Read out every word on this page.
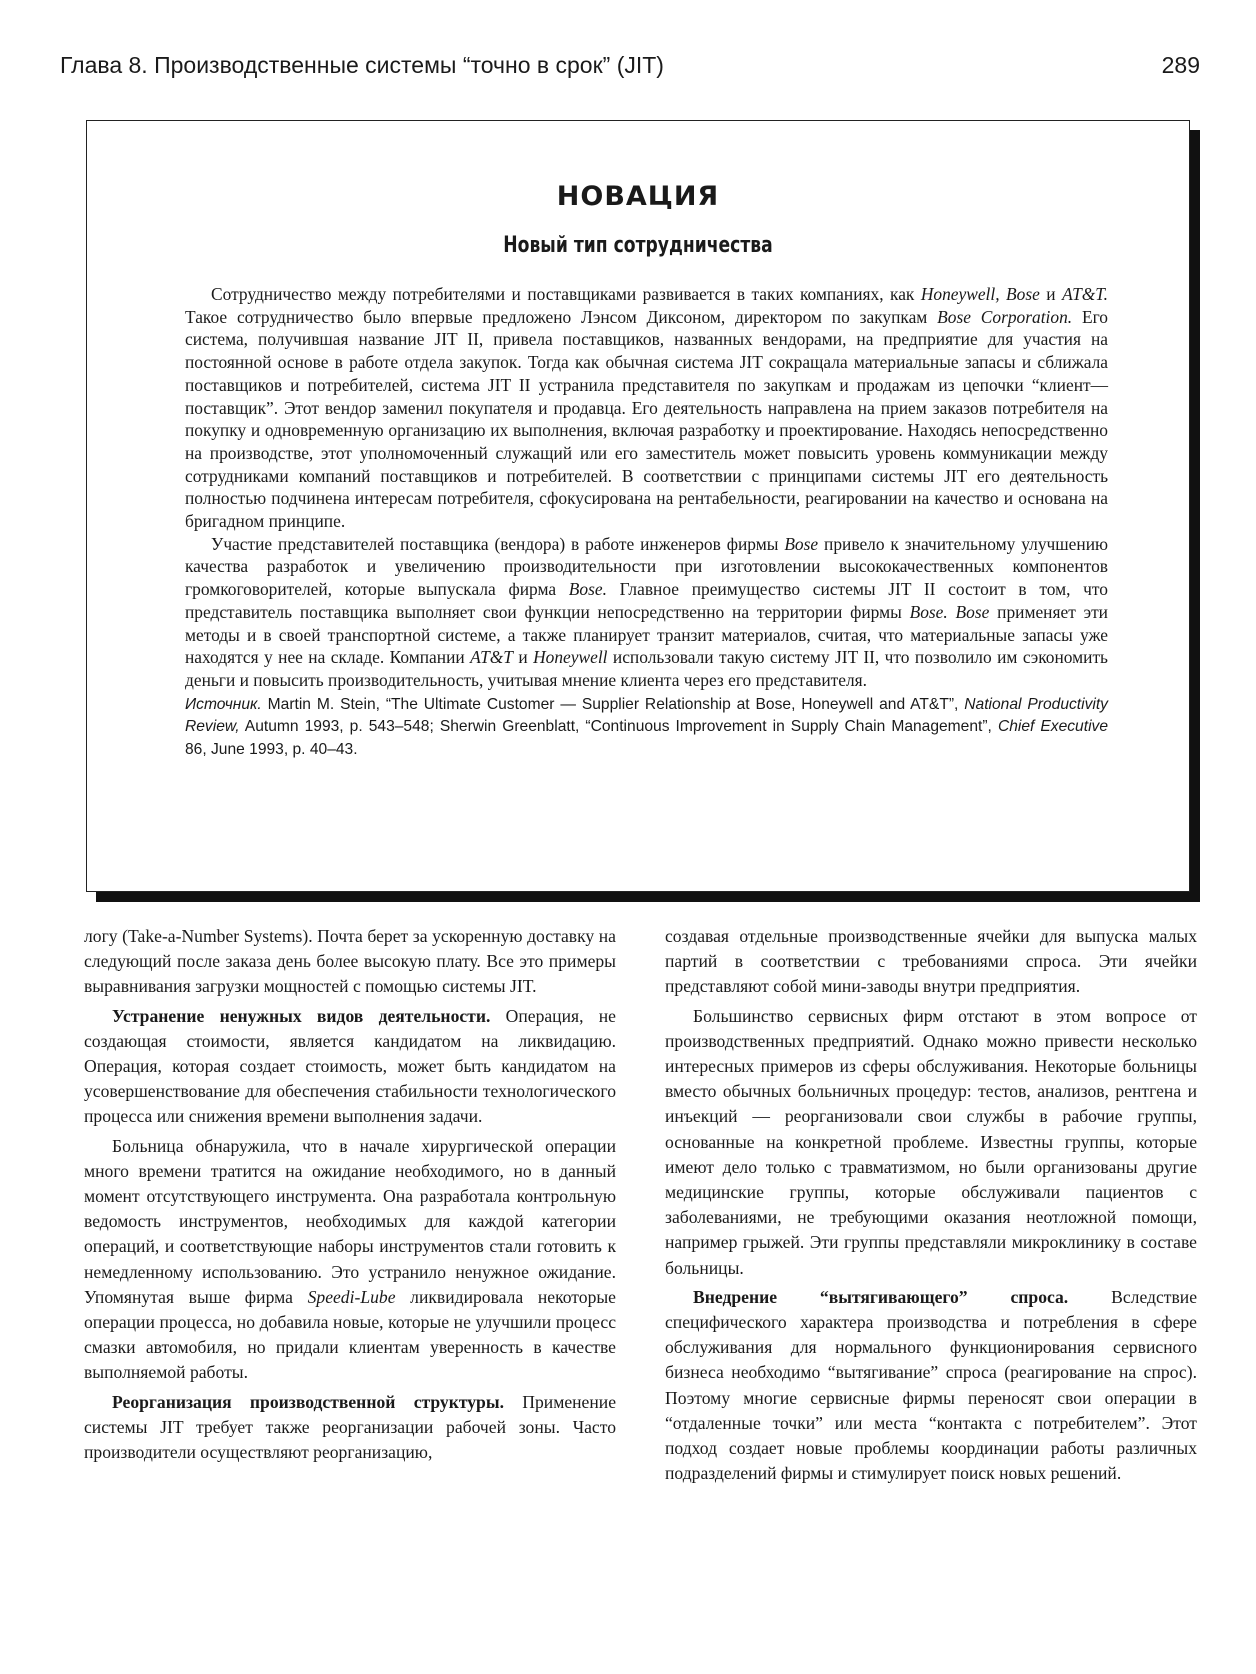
Глава 8. Производственные системы “точно в срок” (JIT)	289
НОВАЦИЯ
Новый тип сотрудничества

Сотрудничество между потребителями и поставщиками развивается в таких компаниях, как Honeywell, Bose и AT&T. Такое сотрудничество было впервые предложено Лэнсом Диксоном, директором по закупкам Bose Corporation. Его система, получившая название JIT II, привела поставщиков, названных вендорами, на предприятие для участия на постоянной основе в работе отдела закупок. Тогда как обычная система JIT сокращала материальные запасы и сближала поставщиков и потребителей, система JIT II устранила представителя по закупкам и продажам из цепочки “клиент—поставщик”. Этот вендор заменил покупателя и продавца. Его деятельность направлена на прием заказов потребителя на покупку и одновременную организацию их выполнения, включая разработку и проектирование. Находясь непосредственно на производстве, этот уполномоченный служащий или его заместитель может повысить уровень коммуникации между сотрудниками компаний поставщиков и потребителей. В соответствии с принципами системы JIT его деятельность полностью подчинена интересам потребителя, сфокусирована на рентабельности, реагировании на качество и основана на бригадном принципе.

Участие представителей поставщика (вендора) в работе инженеров фирмы Bose привело к значительному улучшению качества разработок и увеличению производительности при изготовлении высококачественных компонентов громкоговорителей, которые выпускала фирма Bose. Главное преимущество системы JIT II состоит в том, что представитель поставщика выполняет свои функции непосредственно на территории фирмы Bose. Bose применяет эти методы и в своей транспортной системе, а также планирует транзит материалов, считая, что материальные запасы уже находятся у нее на складе. Компании AT&T и Honeywell использовали такую систему JIT II, что позволило им сэкономить деньги и повысить производительность, учитывая мнение клиента через его представителя.

Источник. Martin M. Stein, “The Ultimate Customer — Supplier Relationship at Bose, Honeywell and AT&T”, National Productivity Review, Autumn 1993, p. 543–548; Sherwin Greenblatt, “Continuous Improvement in Supply Chain Management”, Chief Executive 86, June 1993, p. 40–43.

логу (Take-a-Number Systems). Почта берет за ускоренную доставку на следующий после заказа день более высокую плату. Все это примеры выравнивания загрузки мощностей с помощью системы JIT.

Устранение ненужных видов деятельности. Операция, не создающая стоимости, является кандидатом на ликвидацию. Операция, которая создает стоимость, может быть кандидатом на усовершенствование для обеспечения стабильности технологического процесса или снижения времени выполнения задачи.

Больница обнаружила, что в начале хирургической операции много времени тратится на ожидание необходимого, но в данный момент отсутствующего инструмента. Она разработала контрольную ведомость инструментов, необходимых для каждой категории операций, и соответствующие наборы инструментов стали готовить к немедленному использованию. Это устранило ненужное ожидание. Упомянутая выше фирма Speedi-Lube ликвидировала некоторые операции процесса, но добавила новые, которые не улучшили процесс смазки автомобиля, но придали клиентам уверенность в качестве выполняемой работы.

Реорганизация производственной структуры. Применение системы JIT требует также реорганизации рабочей зоны. Часто производители осуществляют реорганизацию,

создавая отдельные производственные ячейки для выпуска малых партий в соответствии с требованиями спроса. Эти ячейки представляют собой мини-заводы внутри предприятия.

Большинство сервисных фирм отстают в этом вопросе от производственных предприятий. Однако можно привести несколько интересных примеров из сферы обслуживания. Некоторые больницы вместо обычных больничных процедур: тестов, анализов, рентгена и инъекций — реорганизовали свои службы в рабочие группы, основанные на конкретной проблеме. Известны группы, которые имеют дело только с травматизмом, но были организованы другие медицинские группы, которые обслуживали пациентов с заболеваниями, не требующими оказания неотложной помощи, например грыжей. Эти группы представляли микроклинику в составе больницы.

Внедрение “вытягивающего” спроса. Вследствие специфического характера производства и потребления в сфере обслуживания для нормального функционирования сервисного бизнеса необходимо “вытягивание” спроса (реагирование на спрос). Поэтому многие сервисные фирмы переносят свои операции в “отдаленные точки” или места “контакта с потребителем”. Этот подход создает новые проблемы координации работы различных подразделений фирмы и стимулирует поиск новых решений.
